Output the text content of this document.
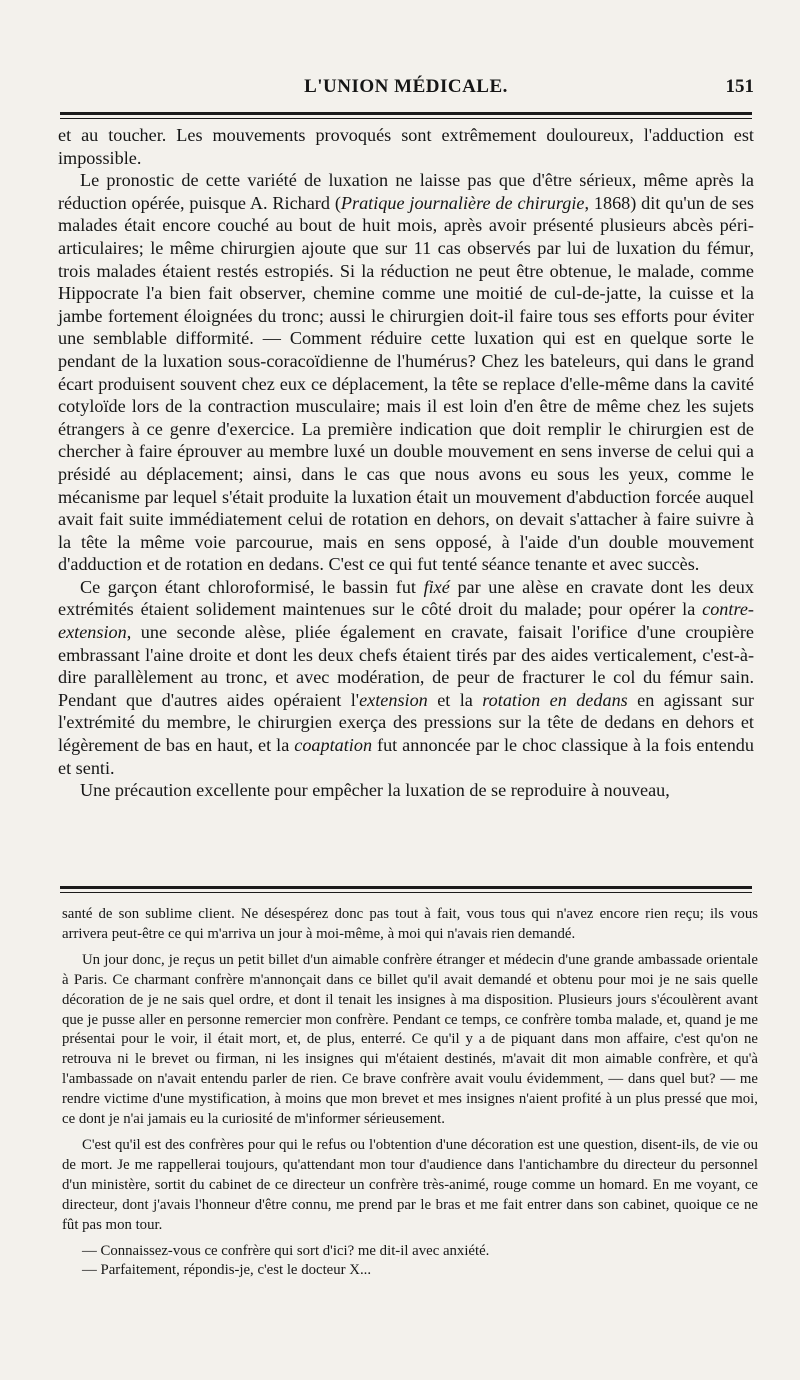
L'UNION MÉDICALE.	151

et au toucher. Les mouvements provoqués sont extrêmement douloureux, l'adduction est impossible.

Le pronostic de cette variété de luxation ne laisse pas que d'être sérieux, même après la réduction opérée, puisque A. Richard (Pratique journalière de chirurgie, 1868) dit qu'un de ses malades était encore couché au bout de huit mois, après avoir présenté plusieurs abcès péri-articulaires; le même chirurgien ajoute que sur 11 cas observés par lui de luxation du fémur, trois malades étaient restés estropiés. Si la réduction ne peut être obtenue, le malade, comme Hippocrate l'a bien fait observer, chemine comme une moitié de cul-de-jatte, la cuisse et la jambe fortement éloignées du tronc; aussi le chirurgien doit-il faire tous ses efforts pour éviter une semblable difformité. — Comment réduire cette luxation qui est en quelque sorte le pendant de la luxation sous-coracoïdienne de l'humérus? Chez les bateleurs, qui dans le grand écart produisent souvent chez eux ce déplacement, la tête se replace d'elle-même dans la cavité cotyloïde lors de la contraction musculaire; mais il est loin d'en être de même chez les sujets étrangers à ce genre d'exercice. La première indication que doit remplir le chirurgien est de chercher à faire éprouver au membre luxé un double mouvement en sens inverse de celui qui a présidé au déplacement; ainsi, dans le cas que nous avons eu sous les yeux, comme le mécanisme par lequel s'était produite la luxation était un mouvement d'abduction forcée auquel avait fait suite immédiatement celui de rotation en dehors, on devait s'attacher à faire suivre à la tête la même voie parcourue, mais en sens opposé, à l'aide d'un double mouvement d'adduction et de rotation en dedans. C'est ce qui fut tenté séance tenante et avec succès.

Ce garçon étant chloroformisé, le bassin fut fixé par une alèse en cravate dont les deux extrémités étaient solidement maintenues sur le côté droit du malade; pour opérer la contre-extension, une seconde alèse, pliée également en cravate, faisait l'orifice d'une croupière embrassant l'aine droite et dont les deux chefs étaient tirés par des aides verticalement, c'est-à-dire parallèlement au tronc, et avec modération, de peur de fracturer le col du fémur sain. Pendant que d'autres aides opéraient l'extension et la rotation en dedans en agissant sur l'extrémité du membre, le chirurgien exerça des pressions sur la tête de dedans en dehors et légèrement de bas en haut, et la coaptation fut annoncée par le choc classique à la fois entendu et senti.

Une précaution excellente pour empêcher la luxation de se reproduire à nouveau,

santé de son sublime client. Ne désespérez donc pas tout à fait, vous tous qui n'avez encore rien reçu; ils vous arrivera peut-être ce qui m'arriva un jour à moi-même, à moi qui n'avais rien demandé.

Un jour donc, je reçus un petit billet d'un aimable confrère étranger et médecin d'une grande ambassade orientale à Paris. Ce charmant confrère m'annonçait dans ce billet qu'il avait demandé et obtenu pour moi je ne sais quelle décoration de je ne sais quel ordre, et dont il tenait les insignes à ma disposition. Plusieurs jours s'écoulèrent avant que je pusse aller en personne remercier mon confrère. Pendant ce temps, ce confrère tomba malade, et, quand je me présentai pour le voir, il était mort, et, de plus, enterré. Ce qu'il y a de piquant dans mon affaire, c'est qu'on ne retrouva ni le brevet ou firman, ni les insignes qui m'étaient destinés, m'avait dit mon aimable confrère, et qu'à l'ambassade on n'avait entendu parler de rien. Ce brave confrère avait voulu évidemment, — dans quel but? — me rendre victime d'une mystification, à moins que mon brevet et mes insignes n'aient profité à un plus pressé que moi, ce dont je n'ai jamais eu la curiosité de m'informer sérieusement.

C'est qu'il est des confrères pour qui le refus ou l'obtention d'une décoration est une question, disent-ils, de vie ou de mort. Je me rappellerai toujours, qu'attendant mon tour d'audience dans l'antichambre du directeur du personnel d'un ministère, sortit du cabinet de ce directeur un confrère très-animé, rouge comme un homard. En me voyant, ce directeur, dont j'avais l'honneur d'être connu, me prend par le bras et me fait entrer dans son cabinet, quoique ce ne fût pas mon tour.

— Connaissez-vous ce confrère qui sort d'ici? me dit-il avec anxiété.

— Parfaitement, répondis-je, c'est le docteur X...
